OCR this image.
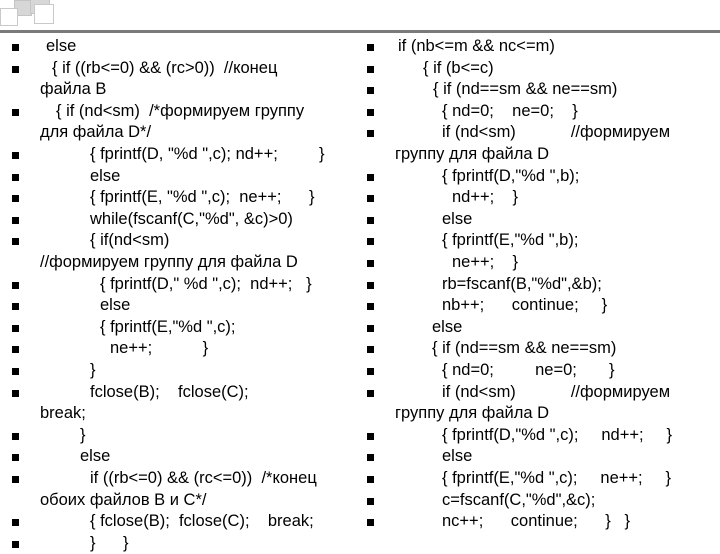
else
{ if ((rb<=0) && (rc>0))  //конец
файла B
{ if (nd<sm)  /*формируем группу
для файла D*/
{ fprintf(D, "%d ",c); nd++;         }
else
{ fprintf(E, "%d ",c);  ne++;      }
while(fscanf(C,"%d", &c)>0)
{ if(nd<sm)
//формируем группу для файла D
{ fprintf(D," %d ",c);  nd++;   }
else
{ fprintf(E,"%d ",c);
ne++;           }
}
fclose(B);    fclose(C);
break;
}
else
if ((rb<=0) && (rc<=0))  /*конец
обоих файлов B и C*/
{ fclose(B);  fclose(C);    break;
}      }
if (nb<=m && nc<=m)
{ if (b<=c)
{ if (nd==sm && ne==sm)
{ nd=0;    ne=0;    }
if (nd<sm)            //формируем
группу для файла D
{ fprintf(D,"%d ",b);
nd++;    }
else
{ fprintf(E,"%d ",b);
ne++;    }
rb=fscanf(B,"%d",&b);
nb++;      continue;     }
else
{ if (nd==sm && ne==sm)
{ nd=0;         ne=0;       }
if (nd<sm)            //формируем
группу для файла D
{ fprintf(D,"%d ",c);     nd++;     }
else
{ fprintf(E,"%d ",c);     ne++;     }
c=fscanf(C,"%d",&c);
nc++;      continue;      }   }
